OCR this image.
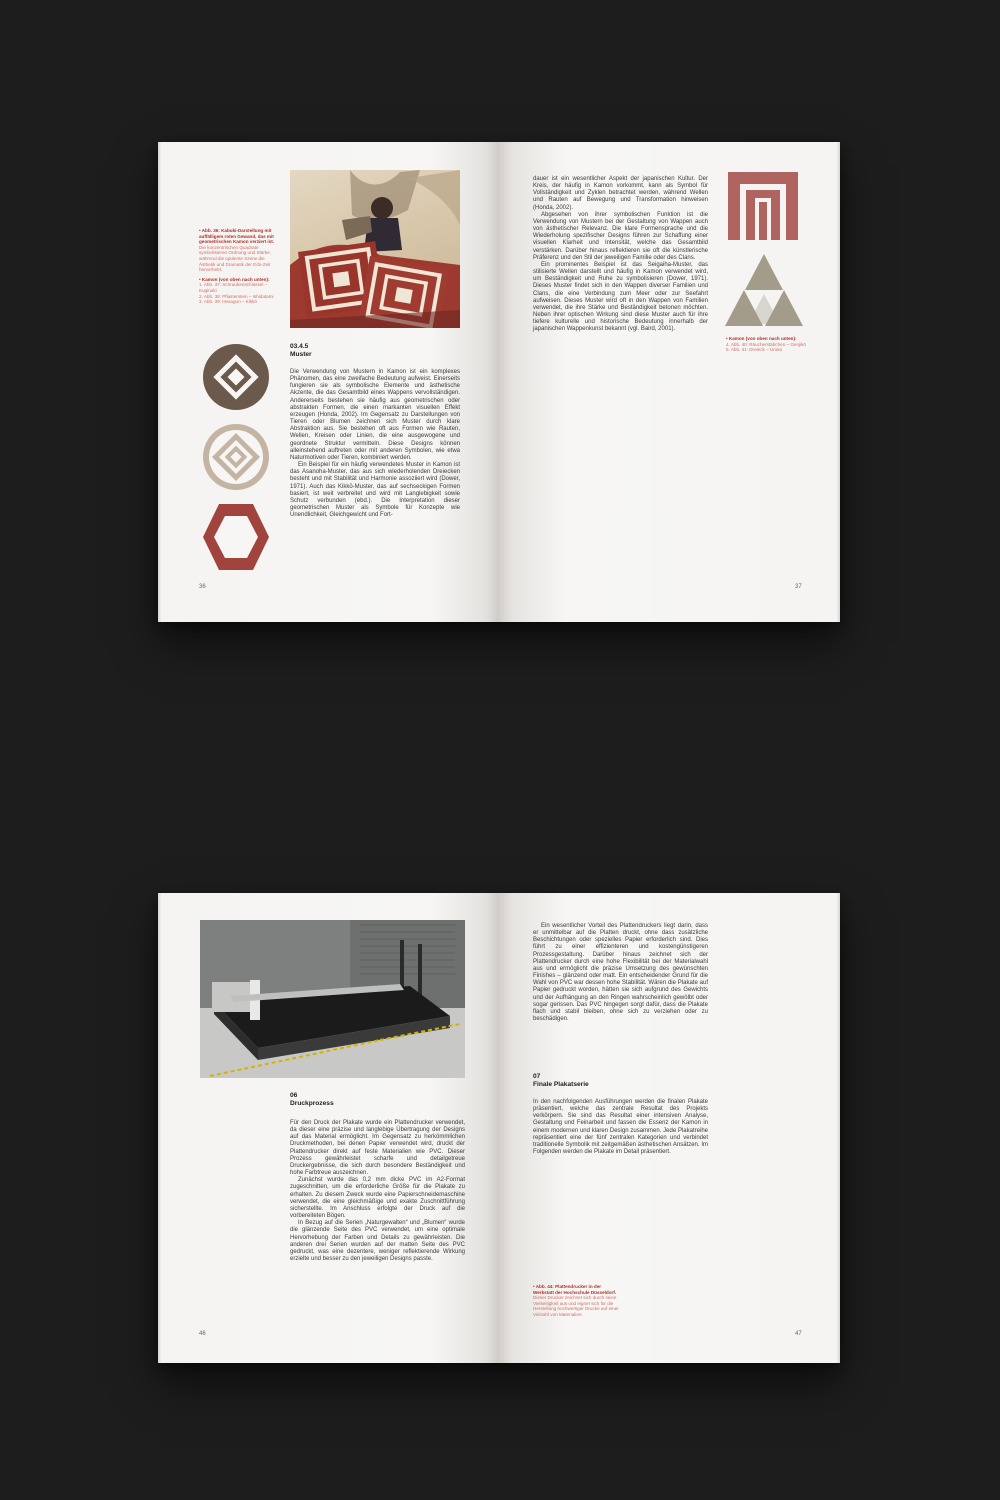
• Abb. 36: Kabuki-Darstellung mit auffälligem roten Gewand, das mit geometrischen Kamon verziert ist. Die konzentrischen Quadrate symbolisieren Ordnung und Stärke, während die opulente Szene die Ästhetik und Dramatik der Edo-Zeit hervorhebt.
• Kamon (von oben nach unten):
1. Abb. 37: Schraubenschlüssel – Kuginuki
2. Abb. 38: Pflasterstein – Ishidatami
3. Abb. 39: Hexagon – Kikkō
03.4.5
Muster

Die Verwendung von Mustern in Kamon ist ein komplexes Phänomen, das eine zweifache Bedeutung aufweist. Einerseits fungieren sie als symbolische Elemente und ästhetische Akzente, die das Gesamtbild eines Wappens vervollständigen. Andererseits bestehen sie häufig aus geometrischen oder abstrakten Formen, die einen markanten visuellen Effekt erzeugen (Honda, 2002). Im Gegensatz zu Darstellungen von Tieren oder Blumen zeichnen sich Muster durch klare Abstraktion aus. Sie bestehen oft aus Formen wie Rauten, Wellen, Kreisen oder Linien, die eine ausgewogene und geordnete Struktur vermitteln. Diese Designs können alleinstehend auftreten oder mit anderen Symbolen, wie etwa Naturmotiven oder Tieren, kombiniert werden.

Ein Beispiel für ein häufig verwendetes Muster in Kamon ist das Asanoha-Muster, das aus sich wiederholenden Dreiecken besteht und mit Stabilität und Harmonie assoziiert wird (Dower, 1971). Auch das Kikkō-Muster, das auf sechseckigen Formen basiert, ist weit verbreitet und wird mit Langlebigkeit sowie Schutz verbunden (ebd.). Die Interpretation dieser geometrischen Muster als Symbole für Konzepte wie Unendlichkeit, Gleichgewicht und Fort-

36

dauer ist ein wesentlicher Aspekt der japanischen Kultur. Der Kreis, der häufig in Kamon vorkommt, kann als Symbol für Vollständigkeit und Zyklen betrachtet werden, während Wellen und Rauten auf Bewegung und Transformation hinweisen (Honda, 2002).

Abgesehen von ihrer symbolischen Funktion ist die Verwendung von Mustern bei der Gestaltung von Wappen auch von ästhetischer Relevanz. Die klare Formensprache und die Wiederholung spezifischer Designs führen zur Schaffung einer visuellen Klarheit und Intensität, welche das Gesamtbild verstärken. Darüber hinaus reflektieren sie oft die künstlerische Präferenz und den Stil der jeweiligen Familie oder des Clans.

Ein prominentes Beispiel ist das Seigaiha-Muster, das stilisierte Wellen darstellt und häufig in Kamon verwendet wird, um Beständigkeit und Ruhe zu symbolisieren (Dower, 1971). Dieses Muster findet sich in den Wappen diverser Familien und Clans, die eine Verbindung zum Meer oder zur Seefahrt aufweisen. Dieses Muster wird oft in den Wappen von Familien verwendet, die ihre Stärke und Beständigkeit betonen möchten. Neben ihrer optischen Wirkung sind diese Muster auch für ihre tiefere kulturelle und historische Bedeutung innerhalb der japanischen Wappenkunst bekannt (vgl. Baird, 2001).

• Kamon (von oben nach unten):
4. Abb. 40: Räucherstäbchen – Genjikō
5. Abb. 41: Dreieck – Uroko
37
06
Druckprozess

Für den Druck der Plakate wurde ein Plattendrucker verwendet, da dieser eine präzise und langlebige Übertragung der Designs auf das Material ermöglicht. Im Gegensatz zu herkömmlichen Druckmethoden, bei denen Papier verwendet wird, druckt der Plattendrucker direkt auf feste Materialien wie PVC. Dieser Prozess gewährleistet scharfe und detailgetreue Druckergebnisse, die sich durch besondere Beständigkeit und hohe Farbtreue auszeichnen.

Zunächst wurde das 0,2 mm dicke PVC im A2-Format zugeschnitten, um die erforderliche Größe für die Plakate zu erhalten. Zu diesem Zweck wurde eine Papierschneidemaschine verwendet, die eine gleichmäßige und exakte Zuschnittführung sicherstellte. Im Anschluss erfolgte der Druck auf die vorbereiteten Bögen.

In Bezug auf die Serien „Naturgewalten“ und „Blumen“ wurde die glänzende Seite des PVC verwendet, um eine optimale Hervorhebung der Farben und Details zu gewährleisten. Die anderen drei Serien wurden auf der matten Seite des PVC gedruckt, was eine dezentere, weniger reflektierende Wirkung erzielte und besser zu den jeweiligen Designs passte.

46

Ein wesentlicher Vorteil des Plattendruckers liegt darin, dass er unmittelbar auf die Platten druckt, ohne dass zusätzliche Beschichtungen oder spezielles Papier erforderlich sind. Dies führt zu einer effizienteren und kostengünstigeren Prozessgestaltung. Darüber hinaus zeichnet sich der Plattendrucker durch eine hohe Flexibilität bei der Materialwahl aus und ermöglicht die präzise Umsetzung des gewünschten Finishes – glänzend oder matt. Ein entscheidender Grund für die Wahl von PVC war dessen hohe Stabilität. Wären die Plakate auf Papier gedruckt worden, hätten sie sich aufgrund des Gewichts und der Aufhängung an den Ringen wahrscheinlich gewölbt oder sogar gerissen. Das PVC hingegen sorgt dafür, dass die Plakate flach und stabil bleiben, ohne sich zu verziehen oder zu beschädigen.

07
Finale Plakatserie

In den nachfolgenden Ausführungen werden die finalen Plakate präsentiert, welche das zentrale Resultat des Projekts verkörpern. Sie sind das Resultat einer intensiven Analyse, Gestaltung und Feinarbeit und fassen die Essenz der Kamon in einem modernen und klaren Design zusammen. Jede Plakatreihe repräsentiert eine der fünf zentralen Kategorien und verbindet traditionelle Symbolik mit zeitgemäßen ästhetischen Ansätzen. Im Folgenden werden die Plakate im Detail präsentiert.

• Abb. 44: Plattendrucker in der Werkstatt der Hochschule Düsseldorf. Dieser Drucker zeichnet sich durch seine Vielseitigkeit aus und eignet sich für die Herstellung hochwertiger Drucke auf einer Vielzahl von Materialien.
47
